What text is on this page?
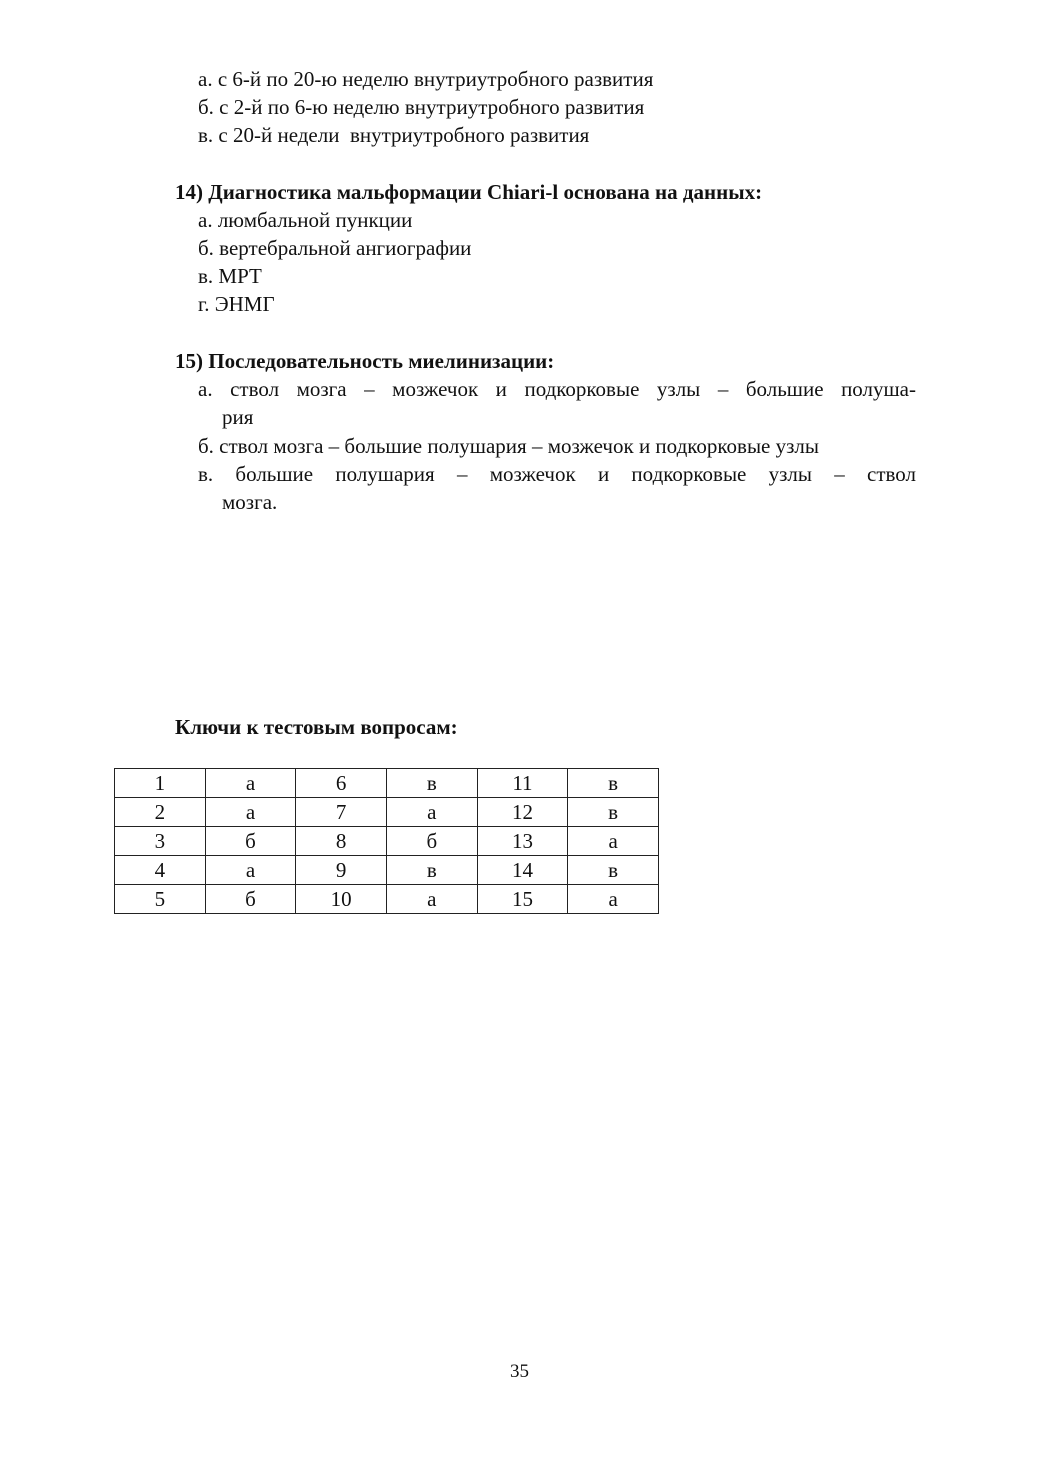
а. с 6-й по 20-ю неделю внутриутробного развития
б. с 2-й по 6-ю неделю внутриутробного развития
в. с 20-й недели  внутриутробного развития
14) Диагностика мальформации Chiari-l основана на данных:
а. люмбальной пункции
б. вертебральной ангиографии
в. МРТ
г. ЭНМГ
15) Последовательность миелинизации:
а. ствол мозга – мозжечок и подкорковые узлы – большие полуша-
рия
б. ствол мозга – большие полушария – мозжечок и подкорковые узлы
в. большие полушария – мозжечок и подкорковые узлы – ствол
мозга.
Ключи к тестовым вопросам:
1	а	6	в	11	в
2	а	7	а	12	в
3	б	8	б	13	а
4	а	9	в	14	в
5	б	10	а	15	а
35
